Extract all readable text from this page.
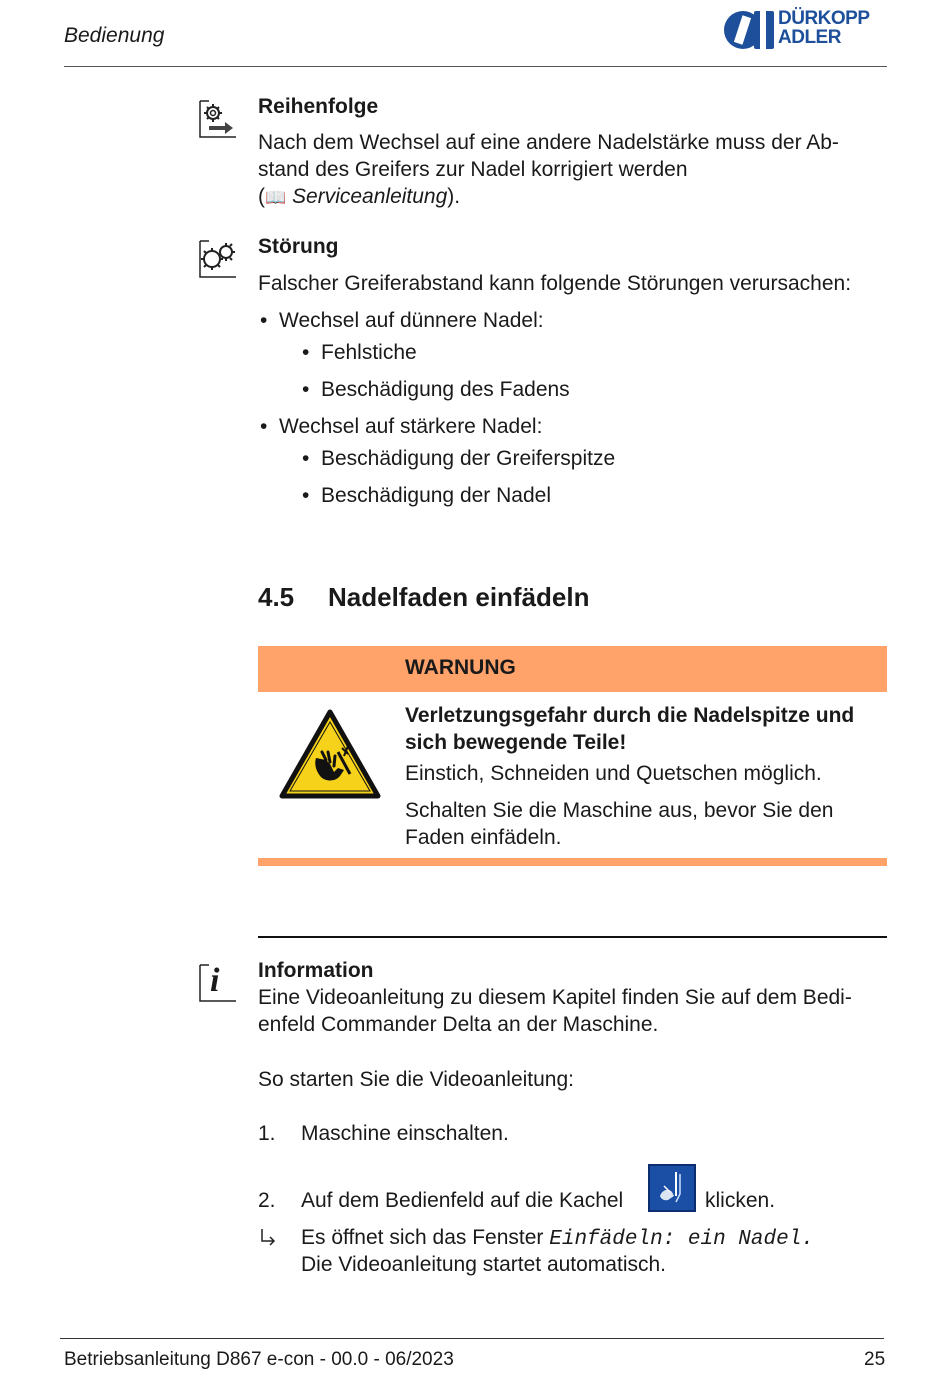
Bedienung
DÜRKOPP
ADLER
Reihenfolge
Nach dem Wechsel auf eine andere Nadelstärke muss der Ab-
stand des Greifers zur Nadel korrigiert werden
(📖 Serviceanleitung).
Störung
Falscher Greiferabstand kann folgende Störungen verursachen:
• Wechsel auf dünnere Nadel:
• Fehlstiche
• Beschädigung des Fadens
• Wechsel auf stärkere Nadel:
• Beschädigung der Greiferspitze
• Beschädigung der Nadel
4.5 Nadelfaden einfädeln
WARNUNG
Verletzungsgefahr durch die Nadelspitze und
sich bewegende Teile!
Einstich, Schneiden und Quetschen möglich.
Schalten Sie die Maschine aus, bevor Sie den
Faden einfädeln.
i Information
Eine Videoanleitung zu diesem Kapitel finden Sie auf dem Bedi-
enfeld Commander Delta an der Maschine.
So starten Sie die Videoanleitung:
1. Maschine einschalten.
2. Auf dem Bedienfeld auf die Kachel	klicken.
Es öffnet sich das Fenster Einfädeln: ein Nadel.
Die Videoanleitung startet automatisch.
Betriebsanleitung D867 e-con - 00.0 - 06/2023	25
